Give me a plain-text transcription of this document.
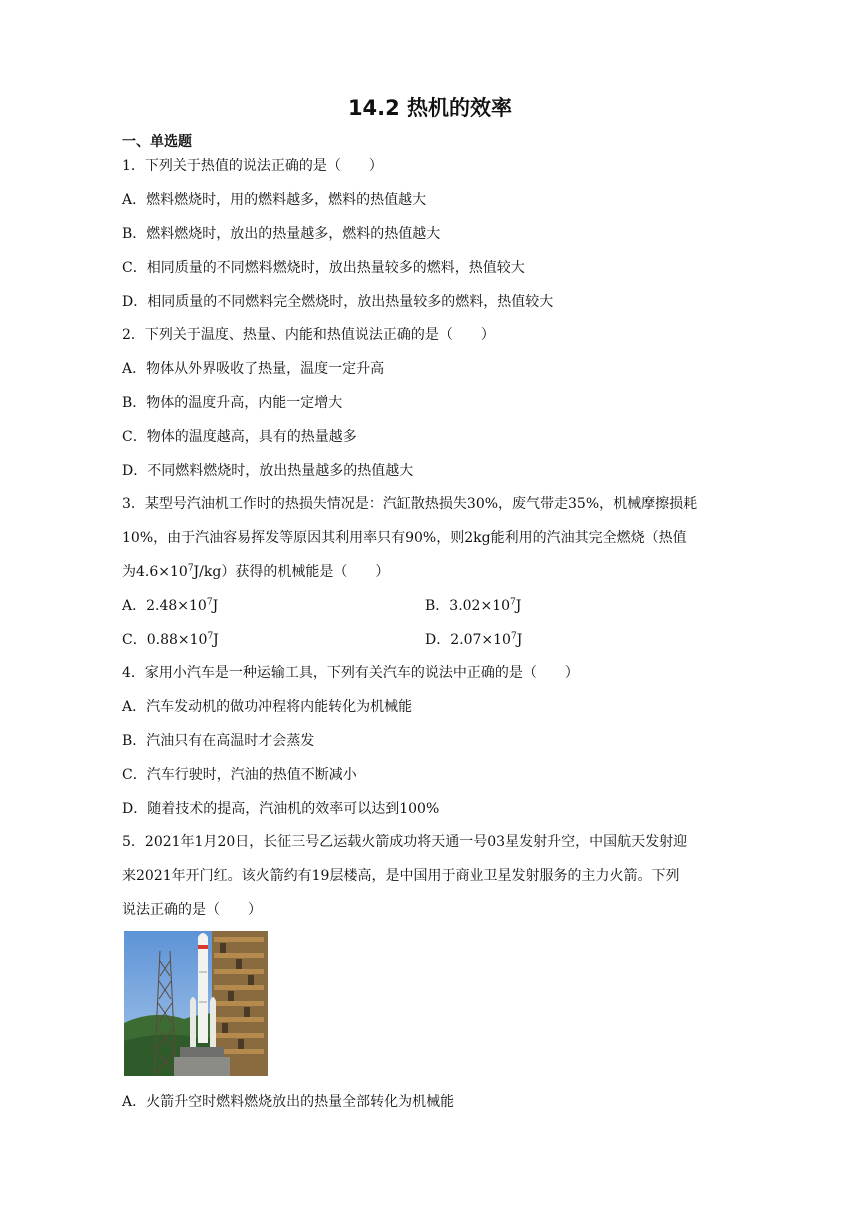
14.2 热机的效率
一、单选题
1．下列关于热值的说法正确的是（　　）
A．燃料燃烧时，用的燃料越多，燃料的热值越大
B．燃料燃烧时，放出的热量越多，燃料的热值越大
C．相同质量的不同燃料燃烧时，放出热量较多的燃料，热值较大
D．相同质量的不同燃料完全燃烧时，放出热量较多的燃料，热值较大
2．下列关于温度、热量、内能和热值说法正确的是（　　）
A．物体从外界吸收了热量，温度一定升高
B．物体的温度升高，内能一定增大
C．物体的温度越高，具有的热量越多
D．不同燃料燃烧时，放出热量越多的热值越大
3．某型号汽油机工作时的热损失情况是：汽缸散热损失30%，废气带走35%，机械摩擦损耗
10%，由于汽油容易挥发等原因其利用率只有90%，则2kg能利用的汽油其完全燃烧（热值
为$4.6\times 10^7J/kg$）获得的机械能是（　　）
A．$2.48\times 10^7J$	B．$3.02\times 10^7J$
C．$0.88\times 10^7J$	D．$2.07\times 10^7J$
4．家用小汽车是一种运输工具，下列有关汽车的说法中正确的是（　　）
A．汽车发动机的做功冲程将内能转化为机械能
B．汽油只有在高温时才会蒸发
C．汽车行驶时，汽油的热值不断减小
D．随着技术的提高，汽油机的效率可以达到100%
5．2021年1月20日，长征三号乙运载火箭成功将天通一号03星发射升空，中国航天发射迎
来2021年开门红。该火箭约有19层楼高，是中国用于商业卫星发射服务的主力火箭。下列
说法正确的是（　　）
A．火箭升空时燃料燃烧放出的热量全部转化为机械能
